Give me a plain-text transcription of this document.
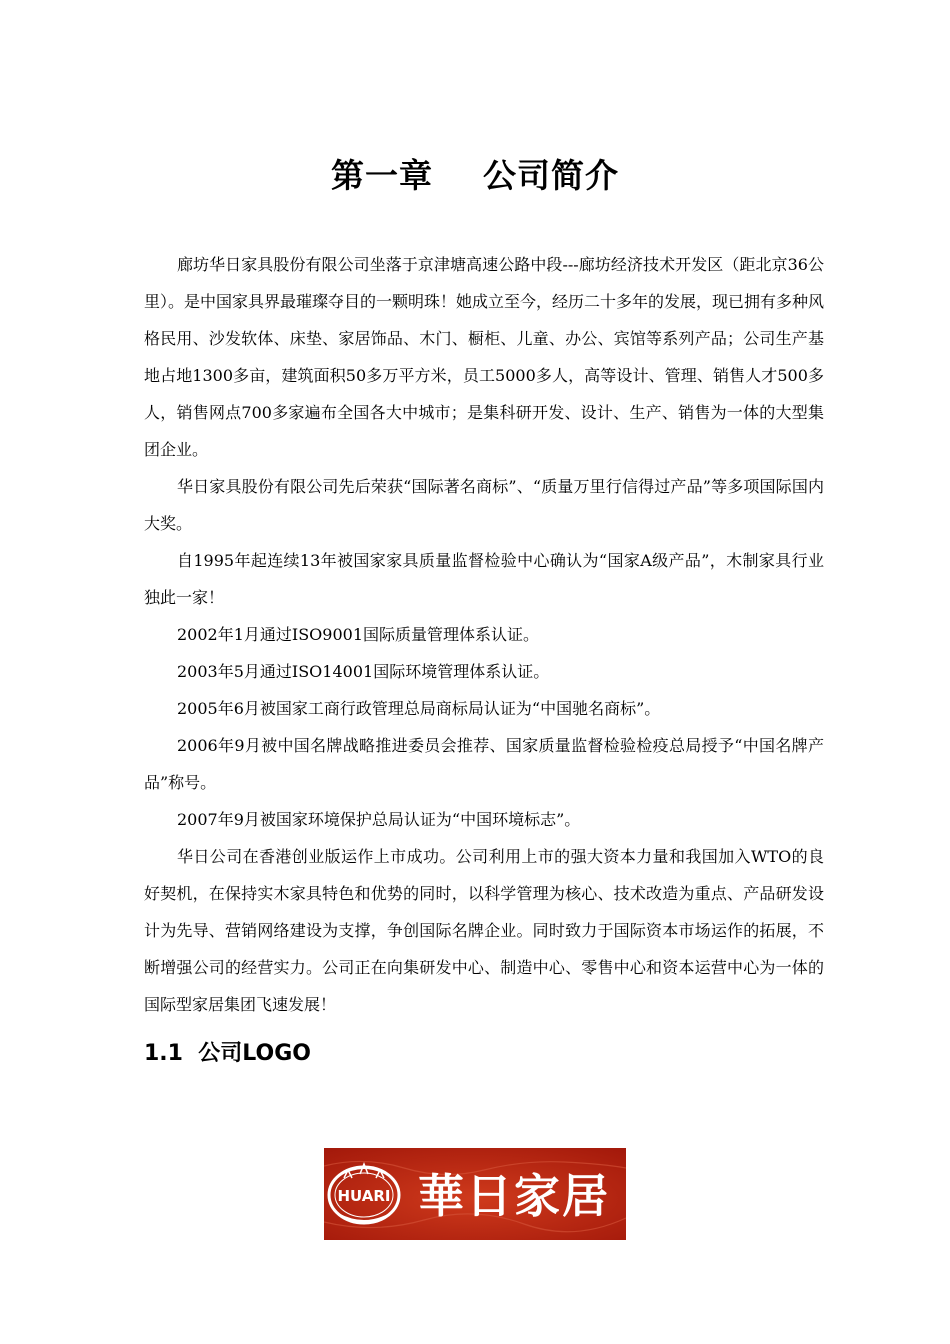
第一章    公司简介

廊坊华日家具股份有限公司坐落于京津塘高速公路中段---廊坊经济技术开发区（距北京36公里）。是中国家具界最璀璨夺目的一颗明珠！她成立至今，经历二十多年的发展，现已拥有多种风格民用、沙发软体、床垫、家居饰品、木门、橱柜、儿童、办公、宾馆等系列产品；公司生产基地占地1300多亩，建筑面积50多万平方米，员工5000多人，高等设计、管理、销售人才500多人，销售网点700多家遍布全国各大中城市；是集科研开发、设计、生产、销售为一体的大型集团企业。

华日家具股份有限公司先后荣获“国际著名商标”、“质量万里行信得过产品”等多项国际国内大奖。

自1995年起连续13年被国家家具质量监督检验中心确认为“国家A级产品”，木制家具行业独此一家！

2002年1月通过ISO9001国际质量管理体系认证。

2003年5月通过ISO14001国际环境管理体系认证。

2005年6月被国家工商行政管理总局商标局认证为“中国驰名商标”。

2006年9月被中国名牌战略推进委员会推荐、国家质量监督检验检疫总局授予“中国名牌产品”称号。

2007年9月被国家环境保护总局认证为“中国环境标志”。

华日公司在香港创业版运作上市成功。公司利用上市的强大资本力量和我国加入WTO的良好契机，在保持实木家具特色和优势的同时，以科学管理为核心、技术改造为重点、产品研发设计为先导、营销网络建设为支撑，争创国际名牌企业。同时致力于国际资本市场运作的拓展，不断增强公司的经营实力。公司正在向集研发中心、制造中心、零售中心和资本运营中心为一体的国际型家居集团飞速发展！

1.1  公司LOGO
HUARI 華日家居
